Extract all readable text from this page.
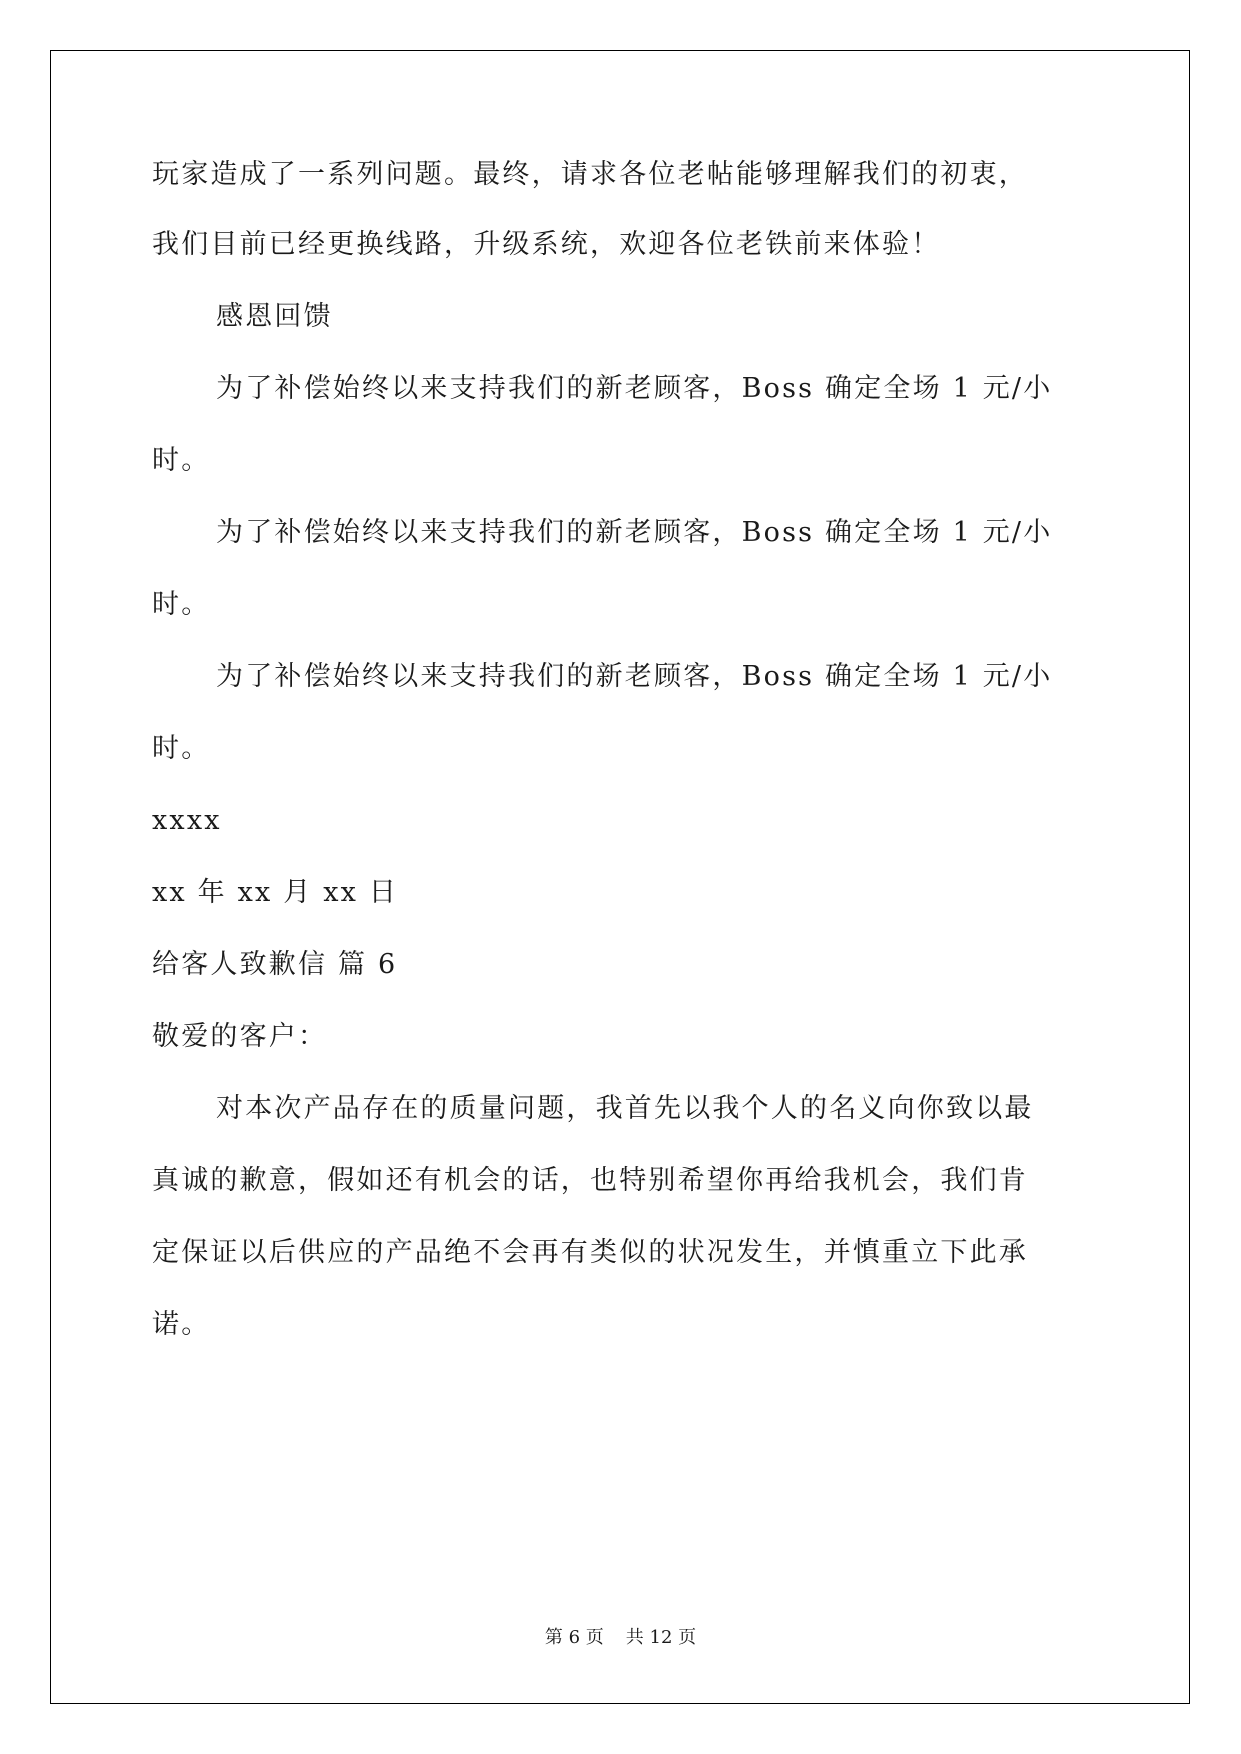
玩家造成了一系列问题。最终，请求各位老帖能够理解我们的初衷，
我们目前已经更换线路，升级系统，欢迎各位老铁前来体验！
感恩回馈
为了补偿始终以来支持我们的新老顾客，Boss 确定全场 1 元/小
时。
为了补偿始终以来支持我们的新老顾客，Boss 确定全场 1 元/小
时。
为了补偿始终以来支持我们的新老顾客，Boss 确定全场 1 元/小
时。
xxxx
xx 年 xx 月 xx 日
给客人致歉信 篇 6
敬爱的客户：
对本次产品存在的质量问题，我首先以我个人的名义向你致以最
真诚的歉意，假如还有机会的话，也特别希望你再给我机会，我们肯
定保证以后供应的产品绝不会再有类似的状况发生，并慎重立下此承
诺。
第 6 页 共 12 页
